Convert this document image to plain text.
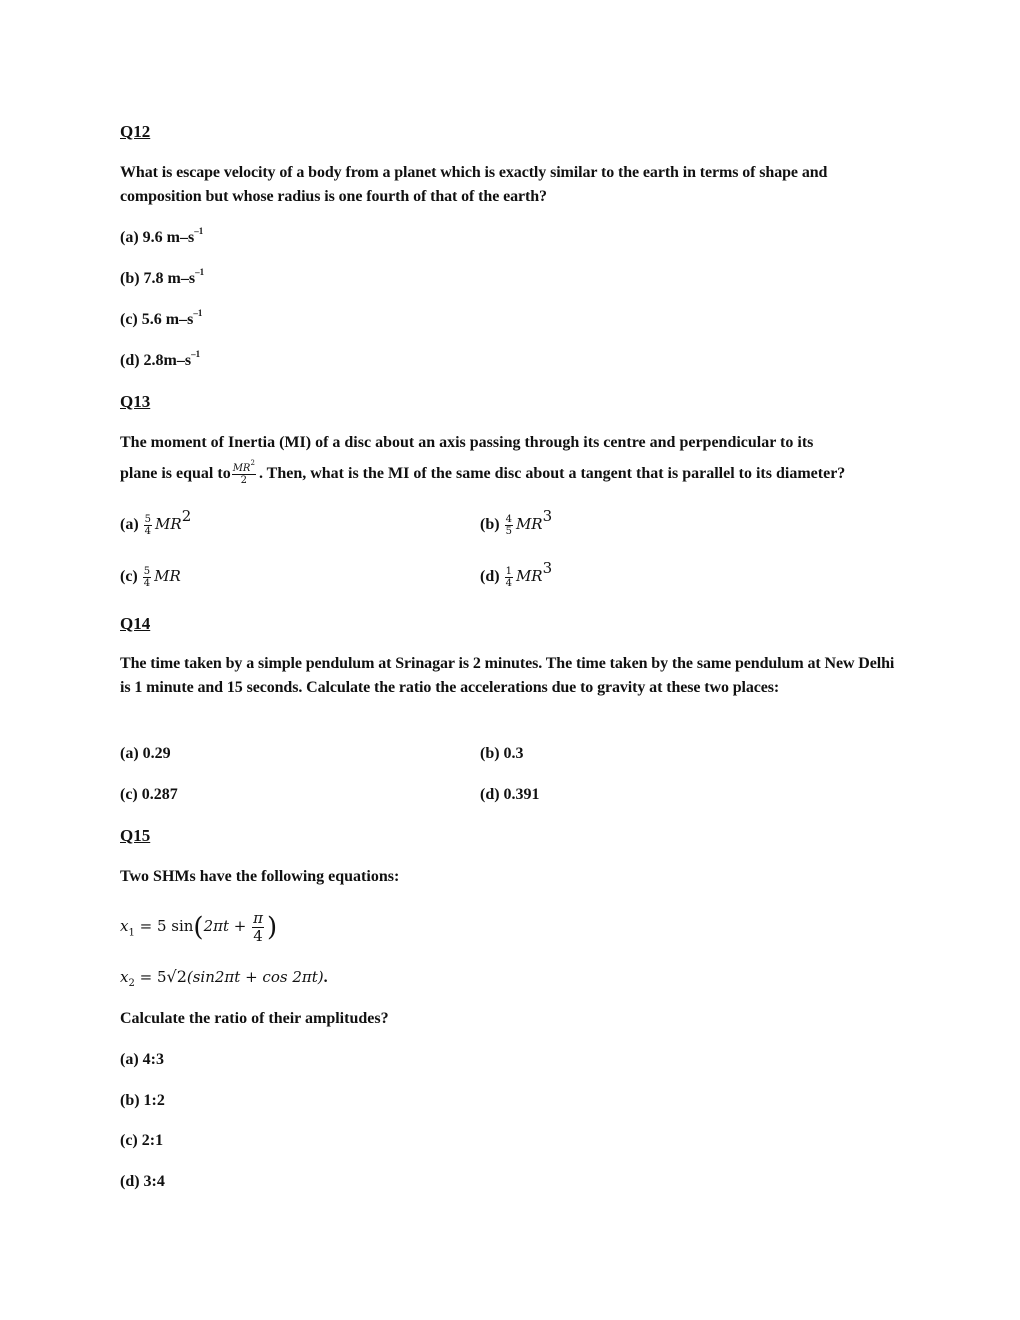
Q12
What is escape velocity of a body from a planet which is exactly similar to the earth in terms of shape and composition but whose radius is one fourth of that of the earth?
(a) 9.6 $m-s^{-1}$
(b) 7.8 $m-s^{-1}$
(c) 5.6 $m-s^{-1}$
(d) $2.8m-s^{-1}$
Q13
The moment of Inertia (MI) of a disc about an axis passing through its centre and perpendicular to its
plane is equal to $\frac{MR^2}{2}$ . Then, what is the MI of the same disc about a tangent that is parallel to its diameter?
$(a) \frac{5}{4} MR^2$	$(b) \frac{4}{5} MR^3$
$(c) \frac{5}{4}$ MR	$(d) \frac{1}{4} MR^3$
Q14
The time taken by a simple pendulum at Srinagar is 2 minutes. The time taken by the same pendulum at New Delhi is 1 minute and 15 seconds. Calculate the ratio the accelerations due to gravity at these two places:
(a) 0.29	(b) 0.3
(c) 0.287	(d) 0.391
Q15
Two SHMs have the following equations:
$x_1 = 5$ $\sin(2\pi t + \frac{\pi}{4}$ )
$x_2 = 5√2(\sin 2\pi t + \cos 2\pi t)$.
Calculate the ratio of their amplitudes?
(a) 4:3
(b) 1:2
(c) 2:1
(d) 3:4
